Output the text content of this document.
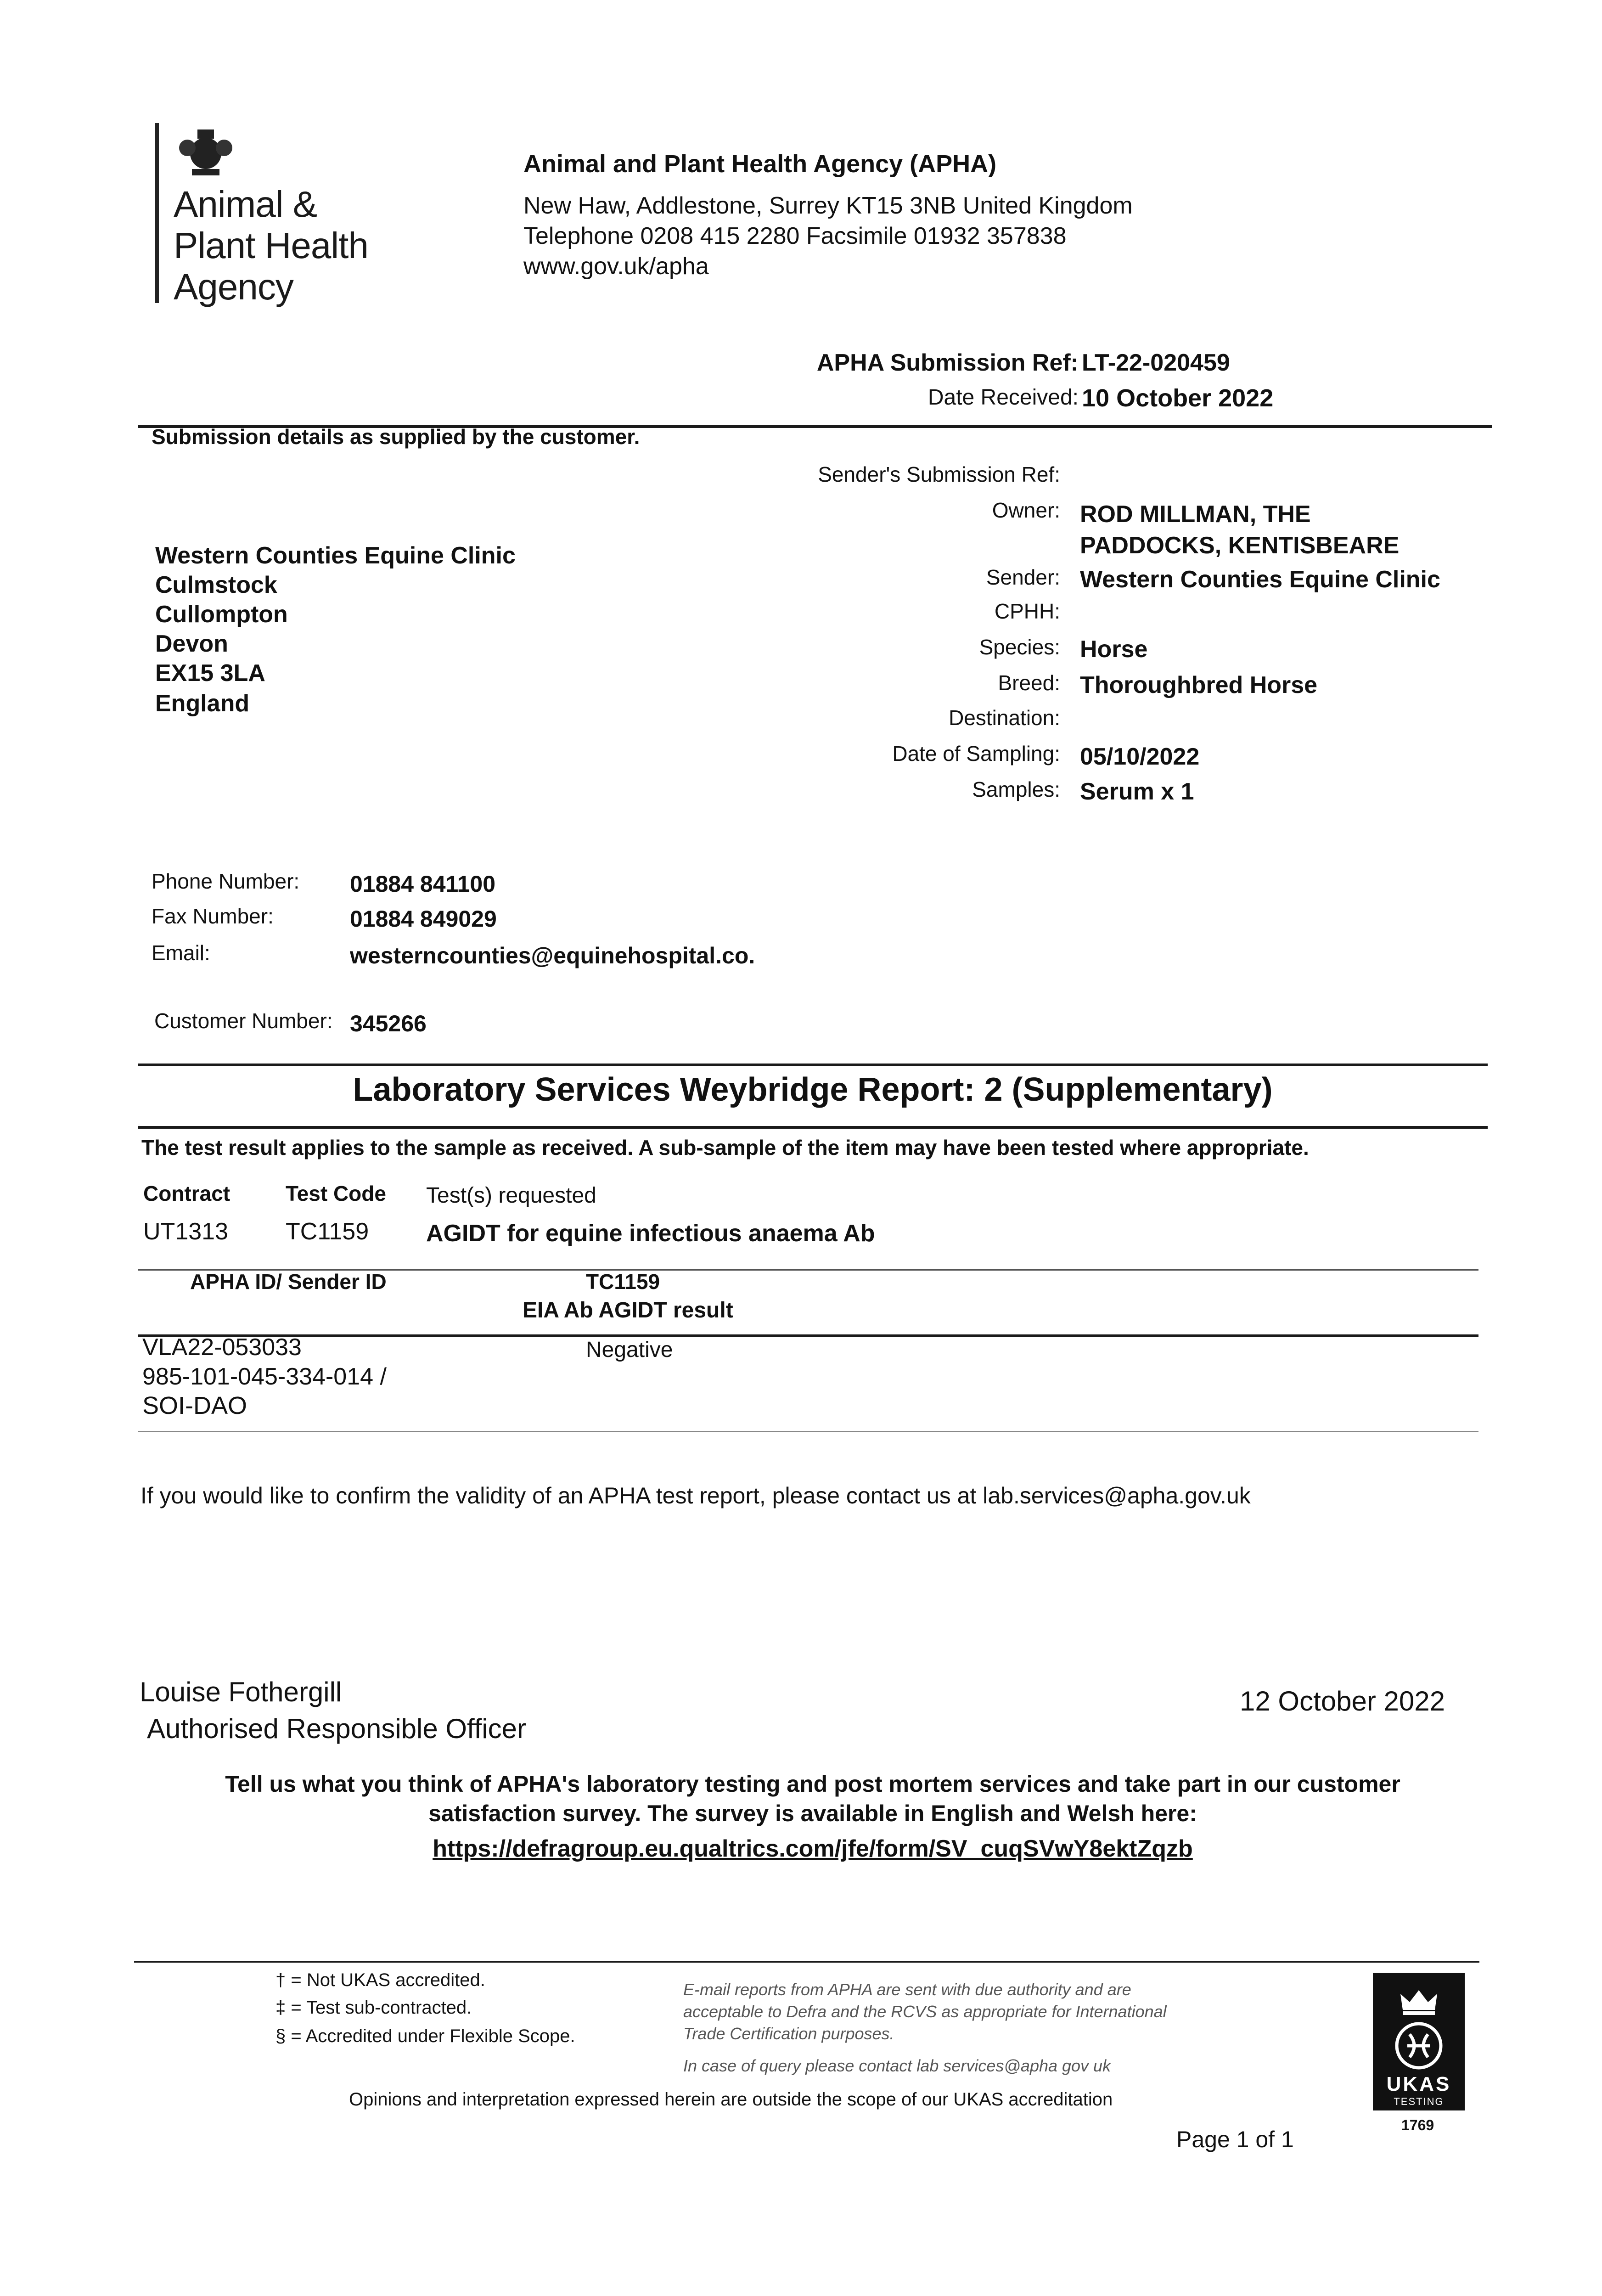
Animal &
Plant Health
Agency
Animal and Plant Health Agency (APHA)
New Haw, Addlestone, Surrey KT15 3NB United Kingdom
Telephone 0208 415 2280 Facsimile 01932 357838
www.gov.uk/apha
APHA Submission Ref: LT-22-020459
Date Received: 10 October 2022
Submission details as supplied by the customer.
Sender's Submission Ref:
Owner: ROD MILLMAN, THE
PADDOCKS, KENTISBEARE
Sender: Western Counties Equine Clinic
CPHH:
Species: Horse
Breed: Thoroughbred Horse
Destination:
Date of Sampling: 05/10/2022
Samples: Serum x 1
Western Counties Equine Clinic
Culmstock
Cullompton
Devon
EX15 3LA
England
Phone Number: 01884 841100
Fax Number:	01884 849029
Email:	westerncounties@equinehospital.co.
Customer Number: 345266
Laboratory Services Weybridge Report: 2 (Supplementary)
The test result applies to the sample as received. A sub-sample of the item may have been tested where appropriate.
Contract	Test Code Test(s) requested
UT1313 TC1159 AGIDT for equine infectious anaema Ab
APHA ID/ Sender ID	TC1159
EIA Ab AGIDT result
VLA22-053033
985-101-045-334-014 /
SOI-DAO
Negative
If you would like to confirm the validity of an APHA test report, please contact us at lab.services@apha.gov.uk
Louise Fothergill
Authorised Responsible Officer
12 October 2022
Tell us what you think of APHA's laboratory testing and post mortem services and take part in our customer
satisfaction survey. The survey is available in English and Welsh here:
https://defragroup.eu.qualtrics.com/jfe/form/SV_cuqSVwY8ektZqzb
† = Not UKAS accredited.
‡ = Test sub-contracted.
§ = Accredited under Flexible Scope.
E-mail reports from APHA are sent with due authority and are
acceptable to Defra and the RCVS as appropriate for International
Trade Certification purposes.
In case of query please contact lab services@apha gov uk
Opinions and interpretation expressed herein are outside the scope of our UKAS accreditation
Page 1 of 1
UKAS
TESTING
1769
